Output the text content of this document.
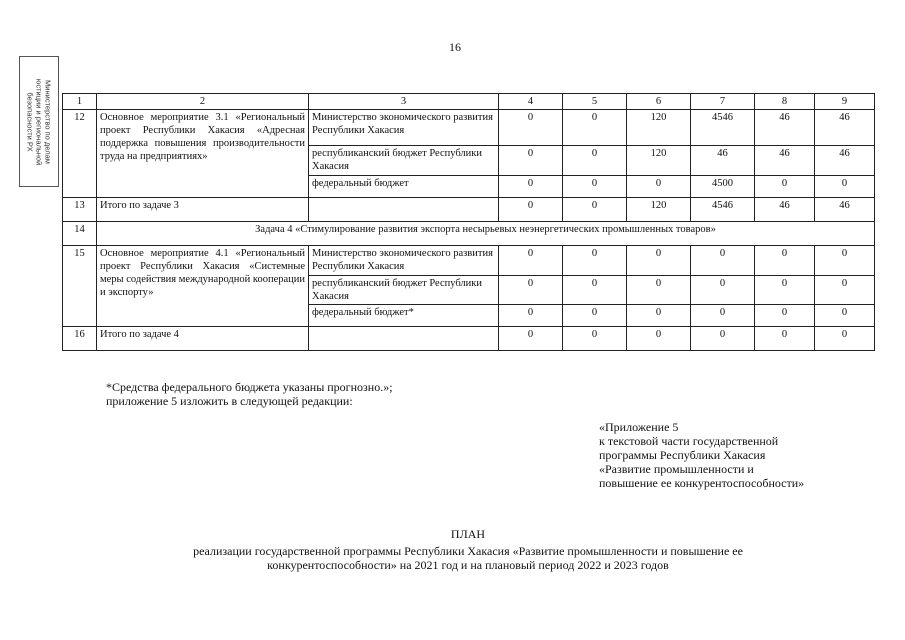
16
Министерство по делам
юстиции и региональной
безопасности РХ	1	2	3	4	5	6	7	8	9
12	Основное мероприятие 3.1 «Региональный проект Республики Хакасия «Адресная поддержка повышения производительности труда на предприятиях»	Министерство экономического развития Республики Хакасия	0	0	120	4546	46	46
		республиканский бюджет Республики Хакасия	0	0	120	46	46	46
		федеральный бюджет	0	0	0	4500	0	0
13	Итого по задаче 3		0	0	120	4546	46	46
14	Задача 4 «Стимулирование развития экспорта несырьевых неэнергетических промышленных товаров»							
15	Основное мероприятие 4.1 «Региональный проект Республики Хакасия «Системные меры содействия международной кооперации и экспорту»	Министерство экономического развития Республики Хакасия	0	0	0	0	0	0
		республиканский бюджет Республики Хакасия	0	0	0	0	0	0
		федеральный бюджет*	0	0	0	0	0	0
16	Итого по задаче 4		0	0	0	0	0	0
*Средства федерального бюджета указаны прогнозно.»;
приложение 5 изложить в следующей редакции:
«Приложение 5
к текстовой части государственной
программы Республики Хакасия
«Развитие промышленности и
повышение ее конкурентоспособности»
ПЛАН
реализации государственной программы Республики Хакасия «Развитие промышленности и повышение ее
конкурентоспособности» на 2021 год и на плановый период 2022 и 2023 годов
